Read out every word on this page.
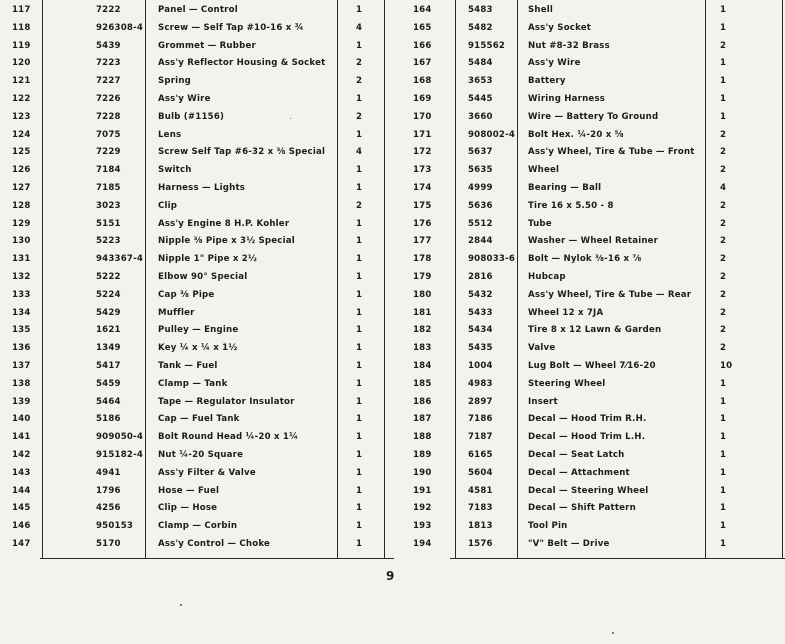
117	7222	Panel — Control	1
118	926308-4 Screw — Self Tap #10-16 x ¾	4
119	5439	Grommet — Rubber	1
120	7223	Ass'y Reflector Housing & Socket	2
121	7227	Spring	2
122	7226	Ass'y Wire	1
123	7228	Bulb (#1156)	2
124	7075	Lens	1
125	7229	Screw Self Tap #6-32 x ⅜ Special	4
126	7184	Switch	1
127	7185	Harness — Lights	1
128	3023	Clip	2
129	5151	Ass'y Engine 8 H.P. Kohler	1
130	5223	Nipple ⅜ Pipe x 3½ Special	1
131	943367-4 Nipple 1" Pipe x 2½	1
132	5222	Elbow 90° Special	1
133	5224	Cap ⅜ Pipe	1
134	5429	Muffler	1
135	1621	Pulley — Engine	1
136	1349	Key ¼ x ¼ x 1½	1
137	5417	Tank — Fuel	1
138	5459	Clamp — Tank	1
139	5464	Tape — Regulator Insulator	1
140	5186	Cap — Fuel Tank	1
141	909050-4 Bolt Round Head ¼-20 x 1¼	1
142	915182-4 Nut ¼-20 Square	1
143	4941	Ass'y Filter & Valve	1
144	1796	Hose — Fuel	1
145	4256	Clip — Hose	1
146	950153	Clamp — Corbin	1
147	5170	Ass'y Control — Choke	1
164	5483	Shell	1
165	5482	Ass'y Socket	1
166	915562	Nut #8-32 Brass	2
167	5484	Ass'y Wire	1
168	3653	Battery	1
169	5445	Wiring Harness	1
170	3660	Wire — Battery To Ground	1
171	908002-4 Bolt Hex. ¼-20 x ⅝	2
172	5637	Ass'y Wheel, Tire & Tube — Front	2
173	5635	Wheel	2
174	4999	Bearing — Ball	4
175	5636	Tire 16 x 5.50 - 8	2
176	5512	Tube	2
177	2844	Washer — Wheel Retainer	2
178	908033-6 Bolt — Nylok ⅜-16 x ⅞	2
179	2816	Hubcap	2
180	5432	Ass'y Wheel, Tire & Tube — Rear	2
181	5433	Wheel 12 x 7JA	2
182	5434	Tire 8 x 12 Lawn & Garden	2
183	5435	Valve	2
184	1004	Lug Bolt — Wheel 7⁄16-20	10
185	4983	Steering Wheel	1
186	2897	Insert	1
187	7186	Decal — Hood Trim R.H.	1
188	7187	Decal — Hood Trim L.H.	1
189	6165	Decal — Seat Latch	1
190	5604	Decal — Attachment	1
191	4581	Decal — Steering Wheel	1
192	7183	Decal — Shift Pattern	1
193	1813	Tool Pin	1
194	1576	"V" Belt — Drive	1
9
